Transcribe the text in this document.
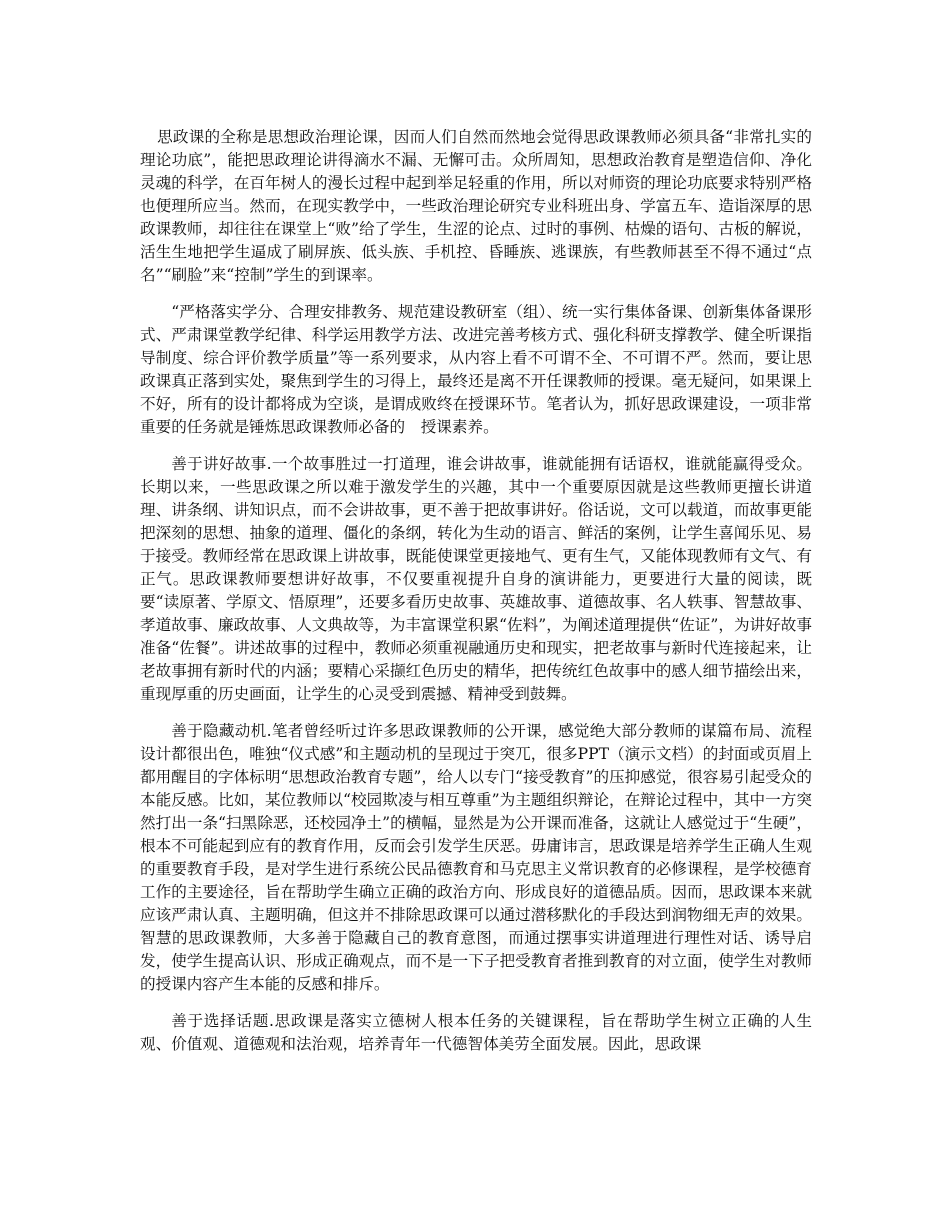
思政课的全称是思想政治理论课，因而人们自然而然地会觉得思政课教师必须具备“非常扎实的理论功底”，能把思政理论讲得滴水不漏、无懈可击。众所周知，思想政治教育是塑造信仰、净化灵魂的科学，在百年树人的漫长过程中起到举足轻重的作用，所以对师资的理论功底要求特别严格也便理所应当。然而，在现实教学中，一些政治理论研究专业科班出身、学富五车、造诣深厚的思政课教师，却往往在课堂上“败”给了学生，生涩的论点、过时的事例、枯燥的语句、古板的解说，活生生地把学生逼成了刷屏族、低头族、手机控、昏睡族、逃课族，有些教师甚至不得不通过“点名”“刷脸”来“控制”学生的到课率。

“严格落实学分、合理安排教务、规范建设教研室（组）、统一实行集体备课、创新集体备课形式、严肃课堂教学纪律、科学运用教学方法、改进完善考核方式、强化科研支撑教学、健全听课指导制度、综合评价教学质量”等一系列要求，从内容上看不可谓不全、不可谓不严。然而，要让思政课真正落到实处，聚焦到学生的习得上，最终还是离不开任课教师的授课。毫无疑问，如果课上不好，所有的设计都将成为空谈，是谓成败终在授课环节。笔者认为，抓好思政课建设，一项非常重要的任务就是锤炼思政课教师必备的　授课素养。

善于讲好故事.一个故事胜过一打道理，谁会讲故事，谁就能拥有话语权，谁就能赢得受众。长期以来，一些思政课之所以难于激发学生的兴趣，其中一个重要原因就是这些教师更擅长讲道理、讲条纲、讲知识点，而不会讲故事，更不善于把故事讲好。俗话说，文可以载道，而故事更能把深刻的思想、抽象的道理、僵化的条纲，转化为生动的语言、鲜活的案例，让学生喜闻乐见、易于接受。教师经常在思政课上讲故事，既能使课堂更接地气、更有生气，又能体现教师有文气、有正气。思政课教师要想讲好故事，不仅要重视提升自身的演讲能力，更要进行大量的阅读，既要“读原著、学原文、悟原理”，还要多看历史故事、英雄故事、道德故事、名人轶事、智慧故事、孝道故事、廉政故事、人文典故等，为丰富课堂积累“佐料”，为阐述道理提供“佐证”，为讲好故事准备“佐餐”。讲述故事的过程中，教师必须重视融通历史和现实，把老故事与新时代连接起来，让老故事拥有新时代的内涵；要精心采撷红色历史的精华，把传统红色故事中的感人细节描绘出来，重现厚重的历史画面，让学生的心灵受到震撼、精神受到鼓舞。

善于隐藏动机.笔者曾经听过许多思政课教师的公开课，感觉绝大部分教师的谋篇布局、流程设计都很出色，唯独“仪式感”和主题动机的呈现过于突兀，很多PPT（演示文档）的封面或页眉上都用醒目的字体标明“思想政治教育专题”，给人以专门“接受教育”的压抑感觉，很容易引起受众的本能反感。比如，某位教师以“校园欺凌与相互尊重”为主题组织辩论，在辩论过程中，其中一方突然打出一条“扫黑除恶，还校园净土”的横幅，显然是为公开课而准备，这就让人感觉过于“生硬”，根本不可能起到应有的教育作用，反而会引发学生厌恶。毋庸讳言，思政课是培养学生正确人生观的重要教育手段，是对学生进行系统公民品德教育和马克思主义常识教育的必修课程，是学校德育工作的主要途径，旨在帮助学生确立正确的政治方向、形成良好的道德品质。因而，思政课本来就应该严肃认真、主题明确，但这并不排除思政课可以通过潜移默化的手段达到润物细无声的效果。智慧的思政课教师，大多善于隐藏自己的教育意图，而通过摆事实讲道理进行理性对话、诱导启发，使学生提高认识、形成正确观点，而不是一下子把受教育者推到教育的对立面，使学生对教师的授课内容产生本能的反感和排斥。

善于选择话题.思政课是落实立德树人根本任务的关键课程，旨在帮助学生树立正确的人生观、价值观、道德观和法治观，培养青年一代德智体美劳全面发展。因此，思政课
